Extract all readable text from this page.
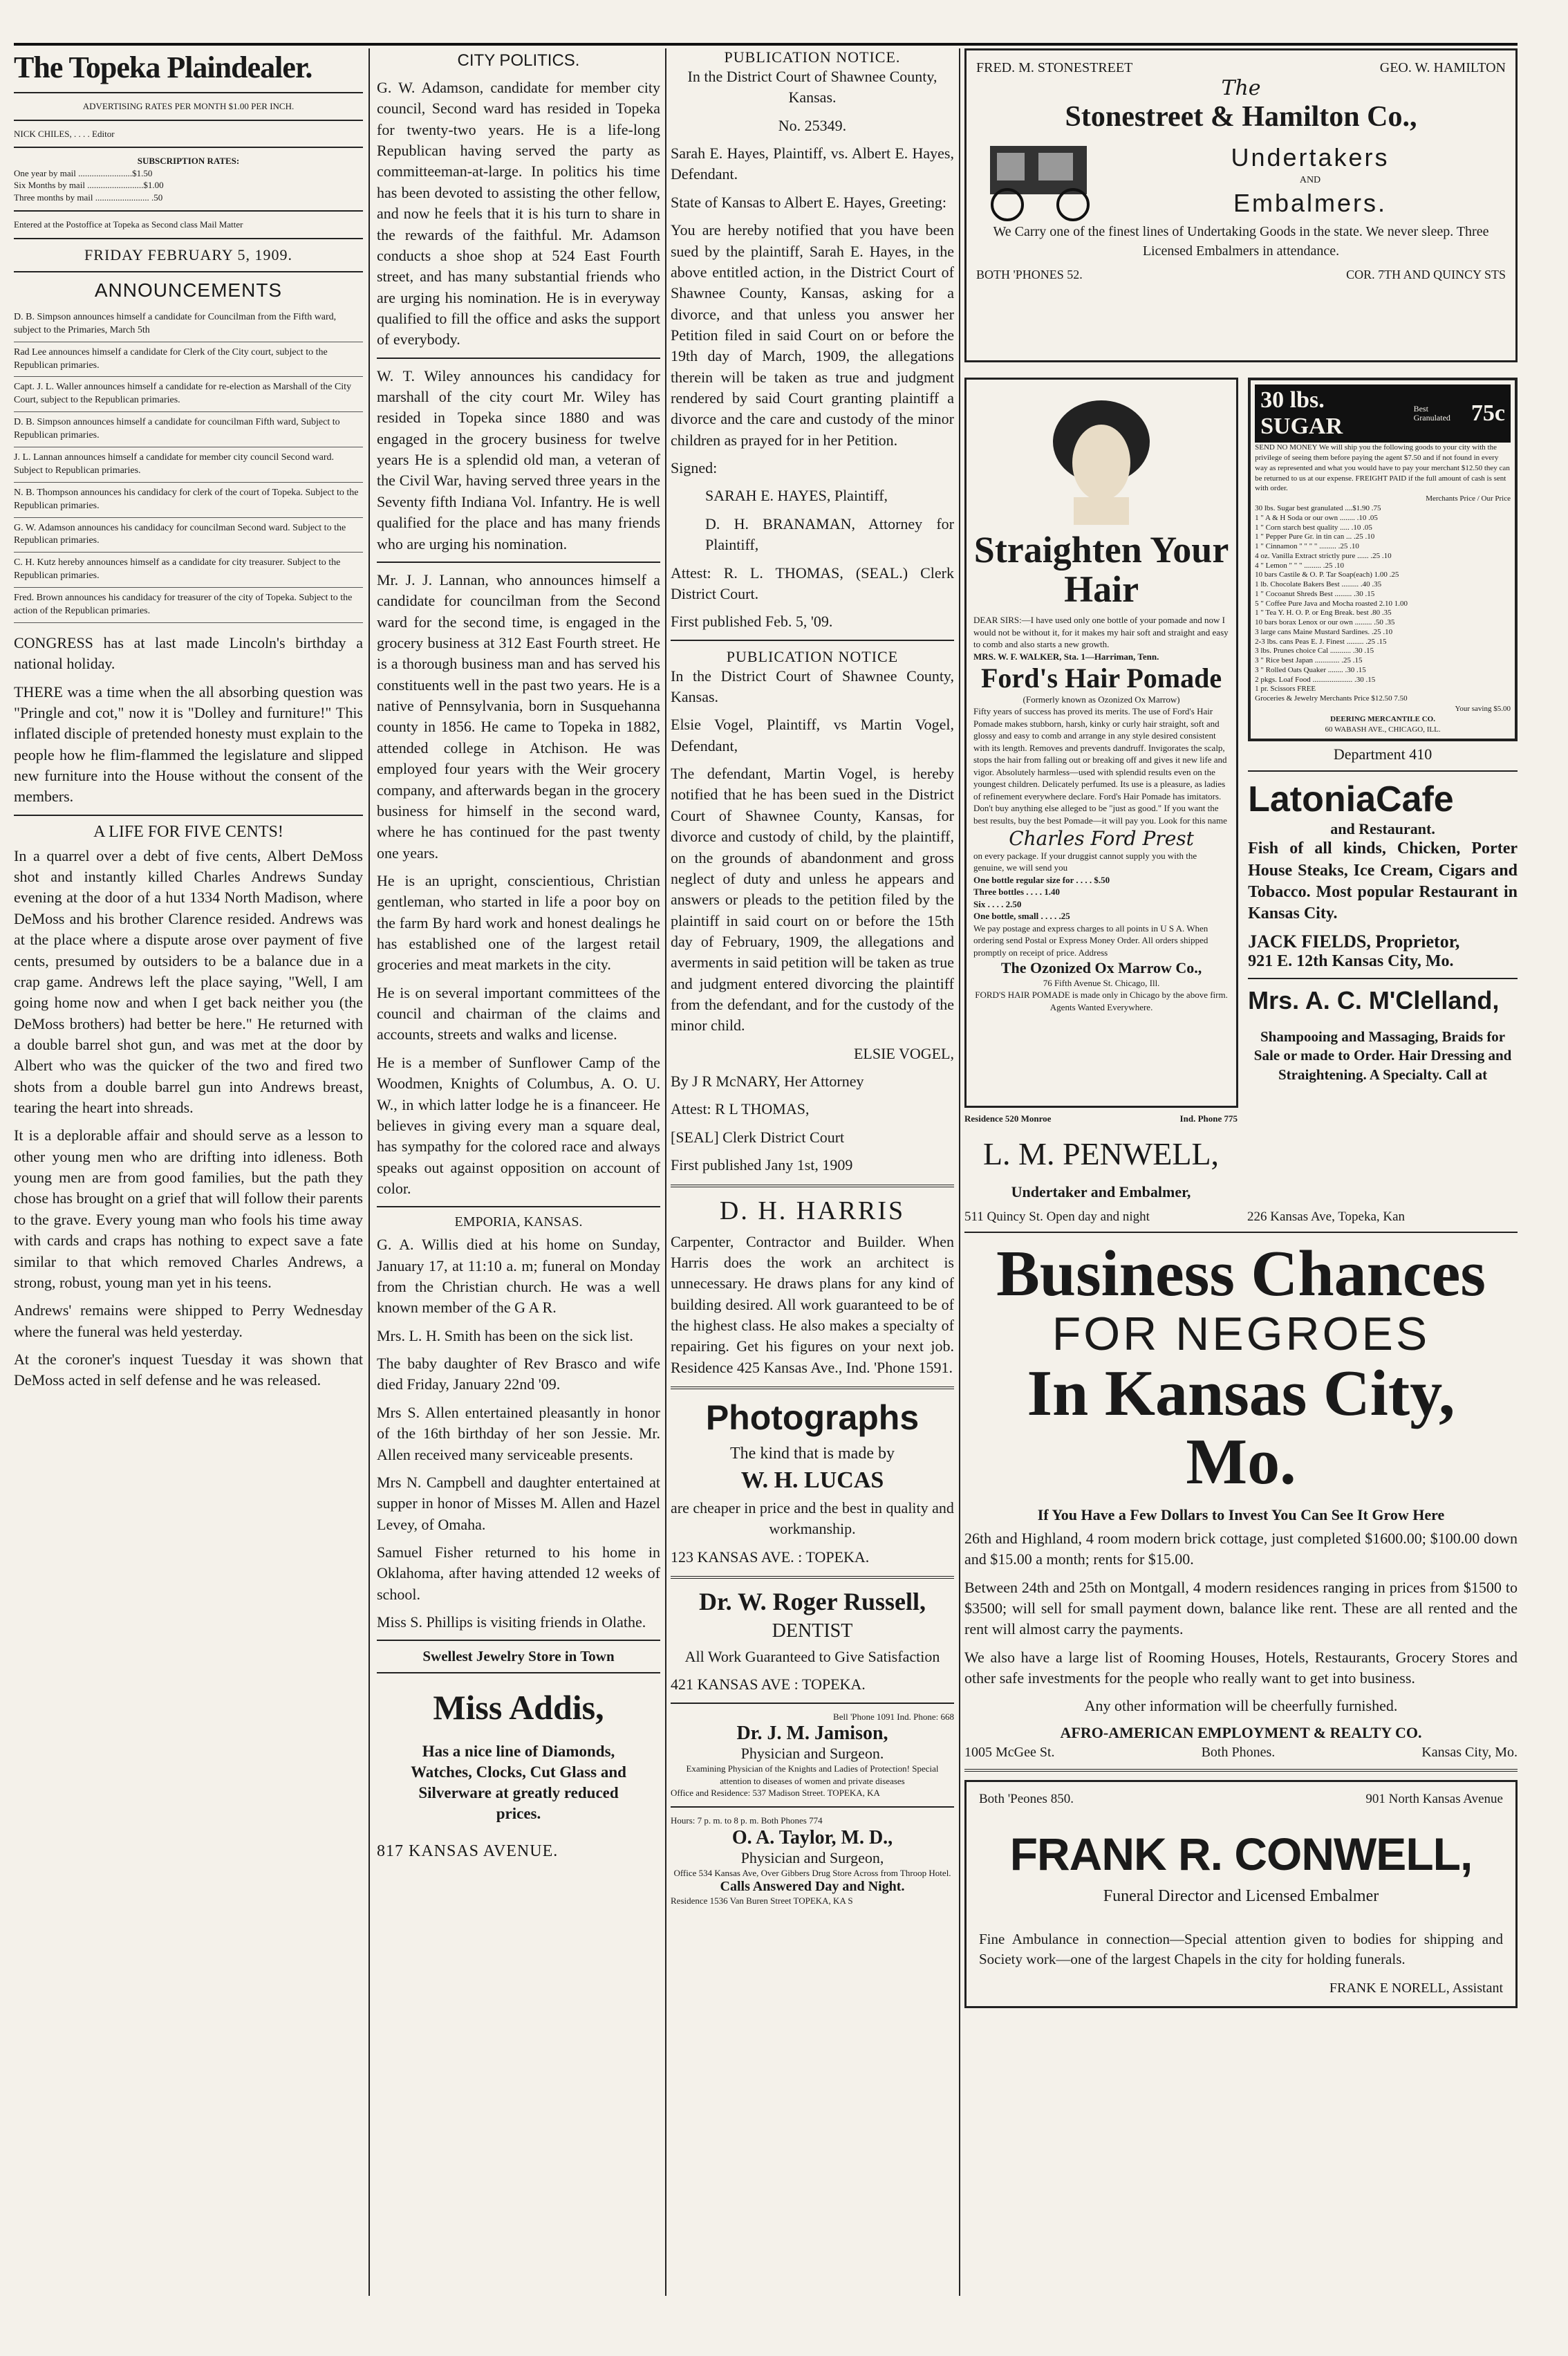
The Topeka Plaindealer.
ADVERTISING RATES PER MONTH $1.00 PER INCH.
NICK CHILES, . . . . Editor
SUBSCRIPTION RATES:
One year by mail ........................$1.50
Six Months by mail .........................$1.00
Three months by mail ........................ .50
Entered at the Postoffice at Topeka as Second class Mail Matter
FRIDAY FEBRUARY 5, 1909.
ANNOUNCEMENTS
D. B. Simpson announces himself a candidate for Councilman from the Fifth ward, subject to the Primaries, March 5th
Rad Lee announces himself a candidate for Clerk of the City court, subject to the Republican primaries.
Capt. J. L. Waller announces himself a candidate for re-election as Marshall of the City Court, subject to the Republican primaries.
D. B. Simpson announces himself a candidate for councilman Fifth ward, Subject to Republican primaries.
J. L. Lannan announces himself a candidate for member city council Second ward. Subject to Republican primaries.
N. B. Thompson announces his candidacy for clerk of the court of Topeka. Subject to the Republican primaries.
G. W. Adamson announces his candidacy for councilman Second ward. Subject to the Republican primaries.
C. H. Kutz hereby announces himself as a candidate for city treasurer. Subject to the Republican primaries.
Fred. Brown announces his candidacy for treasurer of the city of Topeka. Subject to the action of the Republican primaries.

CONGRESS has at last made Lincoln's birthday a national holiday.

THERE was a time when the all absorbing question was "Pringle and cot," now it is "Dolley and furniture!" This inflated disciple of pretended honesty must explain to the people how he flim-flammed the legislature and slipped new furniture into the House without the consent of the members.

A LIFE FOR FIVE CENTS!

In a quarrel over a debt of five cents, Albert DeMoss shot and instantly killed Charles Andrews Sunday evening at the door of a hut 1334 North Madison, where DeMoss and his brother Clarence resided. Andrews was at the place where a dispute arose over payment of five cents, presumed by outsiders to be a balance due in a crap game. Andrews left the place saying, "Well, I am going home now and when I get back neither you (the DeMoss brothers) had better be here." He returned with a double barrel shot gun, and was met at the door by Albert who was the quicker of the two and fired two shots from a double barrel gun into Andrews breast, tearing the heart into shreads.

It is a deplorable affair and should serve as a lesson to other young men who are drifting into idleness. Both young men are from good families, but the path they chose has brought on a grief that will follow their parents to the grave. Every young man who fools his time away with cards and craps has nothing to expect save a fate similar to that which removed Charles Andrews, a strong, robust, young man yet in his teens.

Andrews' remains were shipped to Perry Wednesday where the funeral was held yesterday.

At the coroner's inquest Tuesday it was shown that DeMoss acted in self defense and he was released.

CITY POLITICS.

G. W. Adamson, candidate for member city council, Second ward has resided in Topeka for twenty-two years. He is a life-long Republican having served the party as committeeman-at-large. In politics his time has been devoted to assisting the other fellow, and now he feels that it is his turn to share in the rewards of the faithful. Mr. Adamson conducts a shoe shop at 524 East Fourth street, and has many substantial friends who are urging his nomination. He is in everyway qualified to fill the office and asks the support of everybody.

W. T. Wiley announces his candidacy for marshall of the city court Mr. Wiley has resided in Topeka since 1880 and was engaged in the grocery business for twelve years He is a splendid old man, a veteran of the Civil War, having served three years in the Seventy fifth Indiana Vol. Infantry. He is well qualified for the place and has many friends who are urging his nomination.

Mr. J. J. Lannan, who announces himself a candidate for councilman from the Second ward for the second time, is engaged in the grocery business at 312 East Fourth street. He is a thorough business man and has served his constituents well in the past two years. He is a native of Pennsylvania, born in Susquehanna county in 1856. He came to Topeka in 1882, attended college in Atchison. He was employed four years with the Weir grocery company, and afterwards began in the grocery business for himself in the second ward, where he has continued for the past twenty one years.

He is an upright, conscientious, Christian gentleman, who started in life a poor boy on the farm By hard work and honest dealings he has established one of the largest retail groceries and meat markets in the city.

He is on several important committees of the council and chairman of the claims and accounts, streets and walks and license.

He is a member of Sunflower Camp of the Woodmen, Knights of Columbus, A. O. U. W., in which latter lodge he is a financeer. He believes in giving every man a square deal, has sympathy for the colored race and always speaks out against opposition on account of color.

EMPORIA, KANSAS.

G. A. Willis died at his home on Sunday, January 17, at 11:10 a. m; funeral on Monday from the Christian church. He was a well known member of the G A R.

Mrs. L. H. Smith has been on the sick list.

The baby daughter of Rev Brasco and wife died Friday, January 22nd '09.

Mrs S. Allen entertained pleasantly in honor of the 16th birthday of her son Jessie. Mr. Allen received many serviceable presents.

Mrs N. Campbell and daughter entertained at supper in honor of Misses M. Allen and Hazel Levey, of Omaha.

Samuel Fisher returned to his home in Oklahoma, after having attended 12 weeks of school.

Miss S. Phillips is visiting friends in Olathe.

Swellest Jewelry Store in Town
Miss Addis,
Has a nice line of Diamonds, Watches, Clocks, Cut Glass and Silverware at greatly reduced prices.
817 KANSAS AVENUE.
PUBLICATION NOTICE.

In the District Court of Shawnee County, Kansas.

No. 25349.

Sarah E. Hayes, Plaintiff, vs. Albert E. Hayes, Defendant.

State of Kansas to Albert E. Hayes, Greeting:

You are hereby notified that you have been sued by the plaintiff, Sarah E. Hayes, in the above entitled action, in the District Court of Shawnee County, Kansas, asking for a divorce, and that unless you answer her Petition filed in said Court on or before the 19th day of March, 1909, the allegations therein will be taken as true and judgment rendered by said Court granting plaintiff a divorce and the care and custody of the minor children as prayed for in her Petition.

Signed:

SARAH E. HAYES, Plaintiff,

D. H. BRANAMAN, Attorney for Plaintiff,

Attest: R. L. THOMAS, (SEAL.) Clerk District Court.

First published Feb. 5, '09.

PUBLICATION NOTICE

In the District Court of Shawnee County, Kansas.

Elsie Vogel, Plaintiff, vs Martin Vogel, Defendant,

The defendant, Martin Vogel, is hereby notified that he has been sued in the District Court of Shawnee County, Kansas, for divorce and custody of child, by the plaintiff, on the grounds of abandonment and gross neglect of duty and unless he appears and answers or pleads to the petition filed by the plaintiff in said court on or before the 15th day of February, 1909, the allegations and averments in said petition will be taken as true and judgment entered divorcing the plaintiff from the defendant, and for the custody of the minor child.

ELSIE VOGEL,

By J R McNARY, Her Attorney

Attest: R L THOMAS,

[SEAL] Clerk District Court

First published Jany 1st, 1909

D. H. HARRIS

Carpenter, Contractor and Builder. When Harris does the work an architect is unnecessary. He draws plans for any kind of building desired. All work guaranteed to be of the highest class. He also makes a specialty of repairing. Get his figures on your next job. Residence 425 Kansas Ave., Ind. 'Phone 1591.

Photographs
The kind that is made by
W. H. LUCAS

are cheaper in price and the best in quality and workmanship.

123 KANSAS AVE. : TOPEKA.

Dr. W. Roger Russell,
DENTIST

All Work Guaranteed to Give Satisfaction

421 KANSAS AVE : TOPEKA.

Bell 'Phone 1091 Ind. Phone: 668
Dr. J. M. Jamison,
Physician and Surgeon.
Examining Physician of the Knights and Ladies of Protection! Special attention to diseases of women and private diseases
Office and Residence: 537 Madison Street. TOPEKA, KA
Hours: 7 p. m. to 8 p. m. Both Phones 774
O. A. Taylor, M. D.,
Physician and Surgeon,
Office 534 Kansas Ave, Over Gibbers Drug Store Across from Throop Hotel.
Calls Answered Day and Night.
Residence 1536 Van Buren Street TOPEKA, KA S
FRED. M. STONESTREET	GEO. W. HAMILTON
The
Stonestreet & Hamilton Co.,
Undertakers
AND
Embalmers.
We Carry one of the finest lines of Undertaking Goods in the state. We never sleep. Three Licensed Embalmers in attendance.
BOTH 'PHONES 52.	COR. 7TH AND QUINCY STS
Straighten Your Hair
DEAR SIRS:—I have used only one bottle of your pomade and now I would not be without it, for it makes my hair soft and straight and easy to comb and also starts a new growth.
MRS. W. F. WALKER, Sta. 1—Harriman, Tenn.
Ford's Hair Pomade
(Formerly known as Ozonized Ox Marrow)
Fifty years of success has proved its merits. The use of Ford's Hair Pomade makes stubborn, harsh, kinky or curly hair straight, soft and glossy and easy to comb and arrange in any style desired consistent with its length. Removes and prevents dandruff. Invigorates the scalp, stops the hair from falling out or breaking off and gives it new life and vigor. Absolutely harmless—used with splendid results even on the youngest children. Delicately perfumed. Its use is a pleasure, as ladies of refinement everywhere declare. Ford's Hair Pomade has imitators. Don't buy anything else alleged to be "just as good." If you want the best results, buy the best Pomade—it will pay you. Look for this name
Charles Ford Prest
on every package. If your druggist cannot supply you with the genuine, we will send you
One bottle regular size for . . . . $.50
Three bottles . . . . 1.40
Six . . . . 2.50
One bottle, small . . . . .25
We pay postage and express charges to all points in U S A. When ordering send Postal or Express Money Order. All orders shipped promptly on receipt of price. Address
The Ozonized Ox Marrow Co.,
76 Fifth Avenue St. Chicago, Ill.
FORD'S HAIR POMADE is made only in Chicago by the above firm.
Agents Wanted Everywhere.
30 lbs. SUGAR
Best Granulated 75c
SEND NO MONEY We will ship you the following goods to your city with the privilege of seeing them before paying the agent $7.50 and if not found in every way as represented and what you would have to pay your merchant $12.50 they can be returned to us at our expense. FREIGHT PAID if the full amount of cash is sent with order.
Merchants Price / Our Price
30 lbs. Sugar best granulated ....$1.90 .75
1 " A & H Soda or our own ........ .10 .05
1 " Corn starch best quality ..... .10 .05
1 " Pepper Pure Gr. in tin can ... .25 .10
1 " Cinnamon " " " " ......... .25 .10
4 oz. Vanilla Extract strictly pure ...... .25 .10
4 " Lemon " " " ......... .25 .10
10 bars Castile & O. P. Tar Soap(each) 1.00 .25
1 lb. Chocolate Bakers Best ......... .40 .35
1 " Cocoanut Shreds Best ......... .30 .15
5 " Coffee Pure Java and Mocha roasted 2.10 1.00
1 " Tea Y. H. O. P. or Eng Break. best .80 .35
10 bars borax Lenox or our own ......... .50 .35
3 large cans Maine Mustard Sardines. .25 .10
2-3 lbs. cans Peas E. J. Finest ......... .25 .15
3 lbs. Prunes choice Cal ........... .30 .15
3 " Rice best Japan ............. .25 .15
3 " Rolled Oats Quaker ........ .30 .15
2 pkgs. Loaf Food ..................... .30 .15
1 pr. Scissors FREE
Groceries & Jewelry Merchants Price $12.50 7.50
Your saving $5.00
DEERING MERCANTILE CO.
60 WABASH AVE., CHICAGO, ILL.
Department 410
LatoniaCafe
and Restaurant.

Fish of all kinds, Chicken, Porter House Steaks, Ice Cream, Cigars and Tobacco. Most popular Restaurant in Kansas City.

JACK FIELDS, Proprietor,
921 E. 12th Kansas City, Mo.
Mrs. A. C. M'Clelland,

Shampooing and Massaging, Braids for Sale or made to Order. Hair Dressing and Straightening. A Specialty. Call at

Residence 520 Monroe	Ind. Phone 775
L. M. PENWELL,
Undertaker and Embalmer,
511 Quincy St. Open day and night	226 Kansas Ave, Topeka, Kan
Business Chances
FOR NEGROES
In Kansas City, Mo.
If You Have a Few Dollars to Invest You Can See It Grow Here

26th and Highland, 4 room modern brick cottage, just completed $1600.00; $100.00 down and $15.00 a month; rents for $15.00.

Between 24th and 25th on Montgall, 4 modern residences ranging in prices from $1500 to $3500; will sell for small payment down, balance like rent. These are all rented and the rent will almost carry the payments.

We also have a large list of Rooming Houses, Hotels, Restaurants, Grocery Stores and other safe investments for the people who really want to get into business.

Any other information will be cheerfully furnished.

AFRO-AMERICAN EMPLOYMENT & REALTY CO.
1005 McGee St.	Both Phones.	Kansas City, Mo.
Both 'Peones 850.	901 North Kansas Avenue
FRANK R. CONWELL,
Funeral Director and Licensed Embalmer

Fine Ambulance in connection—Special attention given to bodies for shipping and Society work—one of the largest Chapels in the city for holding funerals.

FRANK E NORELL, Assistant
